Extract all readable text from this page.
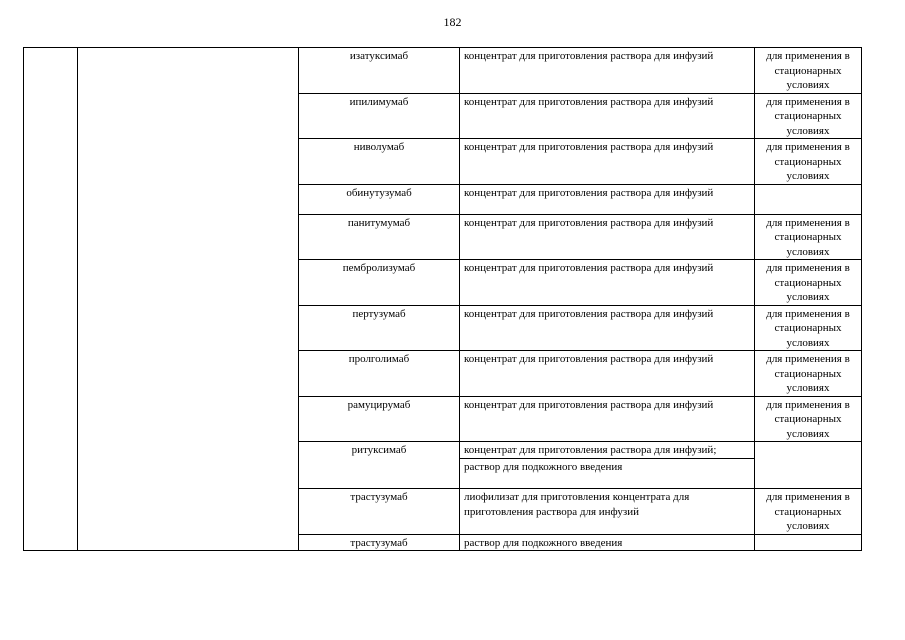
182
		изатуксимаб	концентрат для приготовления раствора для инфузий	для применения в стационарных условиях
		ипилимумаб	концентрат для приготовления раствора для инфузий	для применения в стационарных условиях
		ниволумаб	концентрат для приготовления раствора для инфузий	для применения в стационарных условиях
		обинутузумаб	концентрат для приготовления раствора для инфузий	

		панитумумаб	концентрат для приготовления раствора для инфузий	для применения в стационарных условиях
		пембролизумаб	концентрат для приготовления раствора для инфузий	для применения в стационарных условиях
		пертузумаб	концентрат для приготовления раствора для инфузий	для применения в стационарных условиях
		пролголимаб	концентрат для приготовления раствора для инфузий	для применения в стационарных условиях
		рамуцирумаб	концентрат для приготовления раствора для инфузий	для применения в стационарных условиях
		ритуксимаб	концентрат для приготовления раствора для инфузий;
раствор для подкожного введения	

		трастузумаб	лиофилизат для приготовления концентрата для приготовления раствора для инфузий	для применения в стационарных условиях
		трастузумаб	раствор для подкожного введения	
